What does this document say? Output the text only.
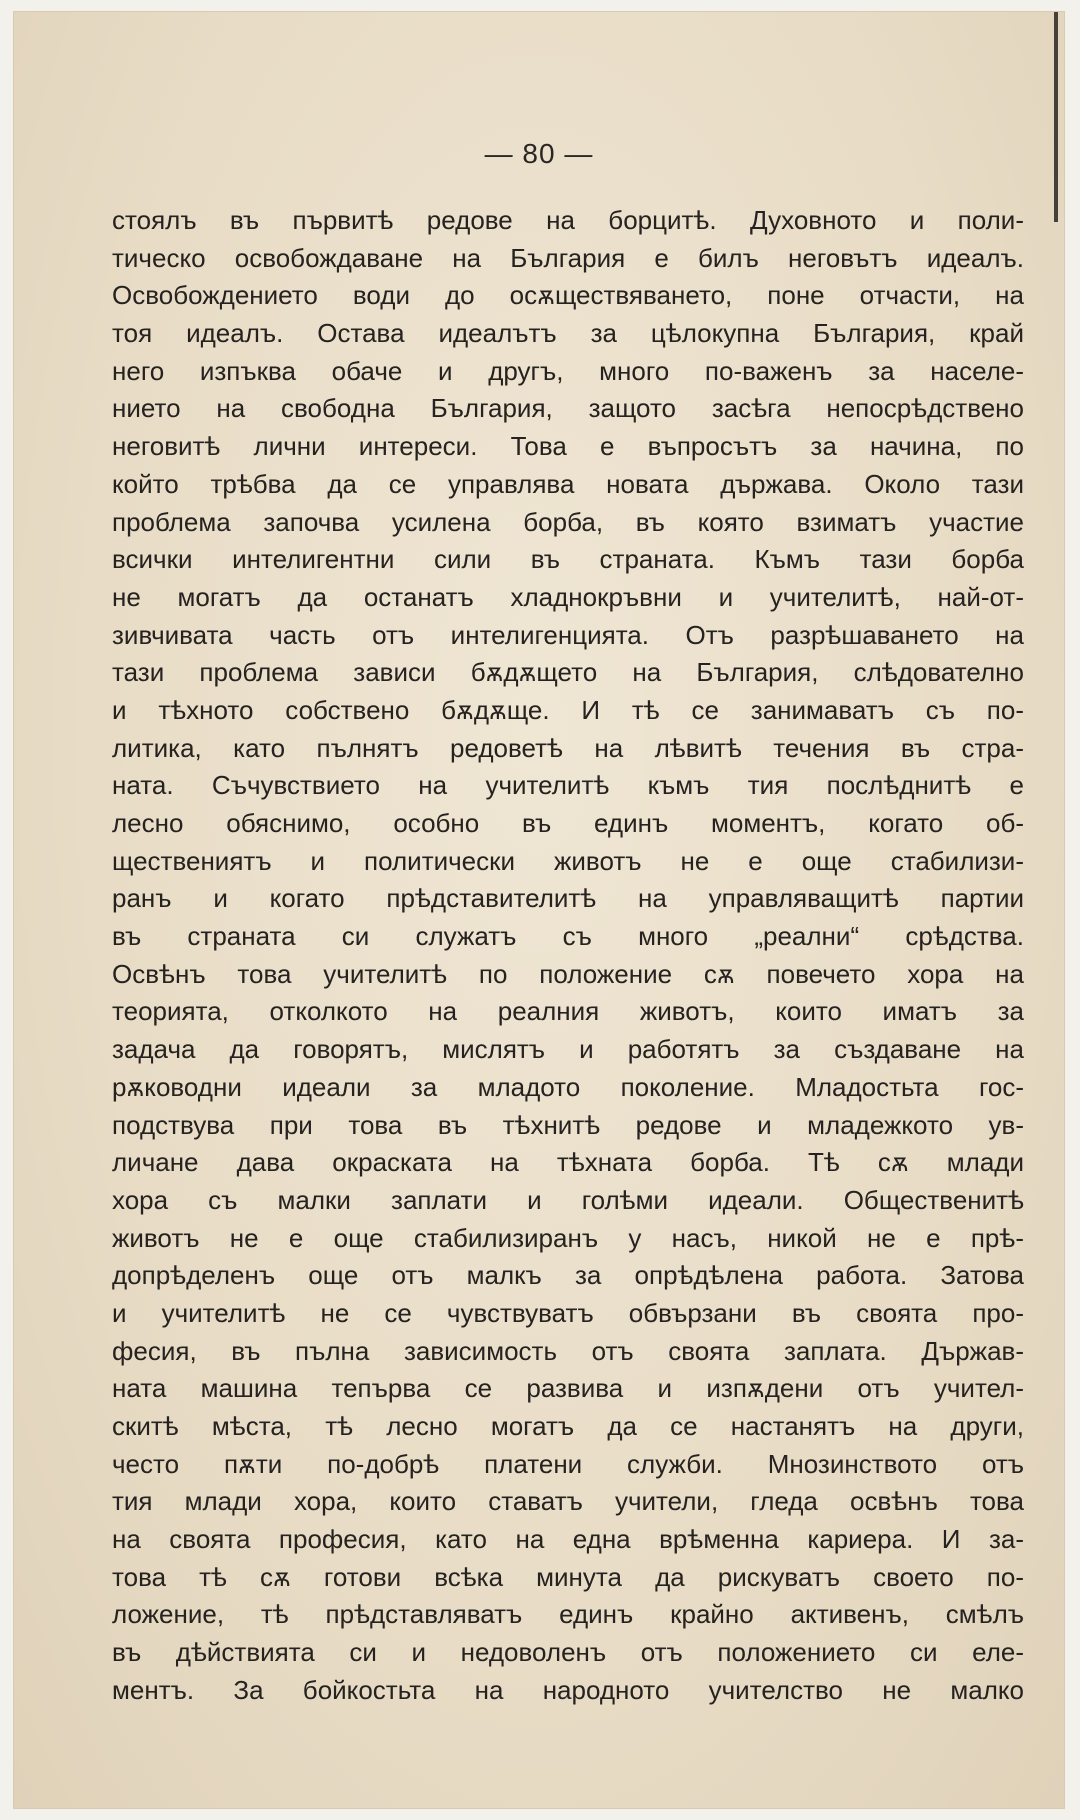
— 80 —
стоялъ въ първитѣ редове на борцитѣ. Духовното и поли-
тическо освобождаване на България е билъ неговътъ идеалъ.
Освобождението води до осѫществяването, поне отчасти, на
тоя идеалъ. Остава идеалътъ за цѣлокупна България, край
него изпъква обаче и другъ, много по-важенъ за населе-
нието на свободна България, защото засѣга непосрѣдствено
неговитѣ лични интереси. Това е въпросътъ за начина, по
който трѣбва да се управлява новата държава. Около тази
проблема започва усилена борба, въ която взиматъ участие
всички интелигентни сили въ страната. Къмъ тази борба
не могатъ да останатъ хладнокръвни и учителитѣ, най-от-
зивчивата часть отъ интелигенцията. Отъ разрѣшаването на
тази проблема зависи бѫдѫщето на България, слѣдователно
и тѣхното собствено бѫдѫще. И тѣ се занимаватъ съ по-
литика, като пълнятъ редоветѣ на лѣвитѣ течения въ стра-
ната. Съчувствието на учителитѣ къмъ тия послѣднитѣ е
лесно обяснимо, особно въ единъ моментъ, когато об-
ществениятъ и политически животъ не е още стабилизи-
ранъ и когато прѣдставителитѣ на управляващитѣ партии
въ страната си служатъ съ много „реални“ срѣдства.
Освѣнъ това учителитѣ по положение сѫ повечето хора на
теорията, отколкото на реалния животъ, които иматъ за
задача да говорятъ, мислятъ и работятъ за създаване на
рѫководни идеали за младото поколение. Младостьта гос-
подствува при това въ тѣхнитѣ редове и младежкото ув-
личане дава окраската на тѣхната борба. Тѣ сѫ млади
хора съ малки заплати и голѣми идеали. Общественитѣ
животъ не е още стабилизиранъ у насъ, никой не е прѣ-
допрѣделенъ още отъ малкъ за опрѣдѣлена работа. Затова
и учителитѣ не се чувствуватъ обвързани въ своята про-
фесия, въ пълна зависимость отъ своята заплата. Държав-
ната машина тепърва се развива и изпѫдени отъ учител-
скитѣ мѣста, тѣ лесно могатъ да се настанятъ на други,
често пѫти по-добрѣ платени служби. Мнозинството отъ
тия млади хора, които ставатъ учители, гледа освѣнъ това
на своята професия, като на една врѣменна кариера. И за-
това тѣ сѫ готови всѣка минута да рискуватъ своето по-
ложение, тѣ прѣдставляватъ единъ крайно активенъ, смѣлъ
въ дѣйствията си и недоволенъ отъ положението си еле-
ментъ. За бойкостьта на народното учителство не малко
